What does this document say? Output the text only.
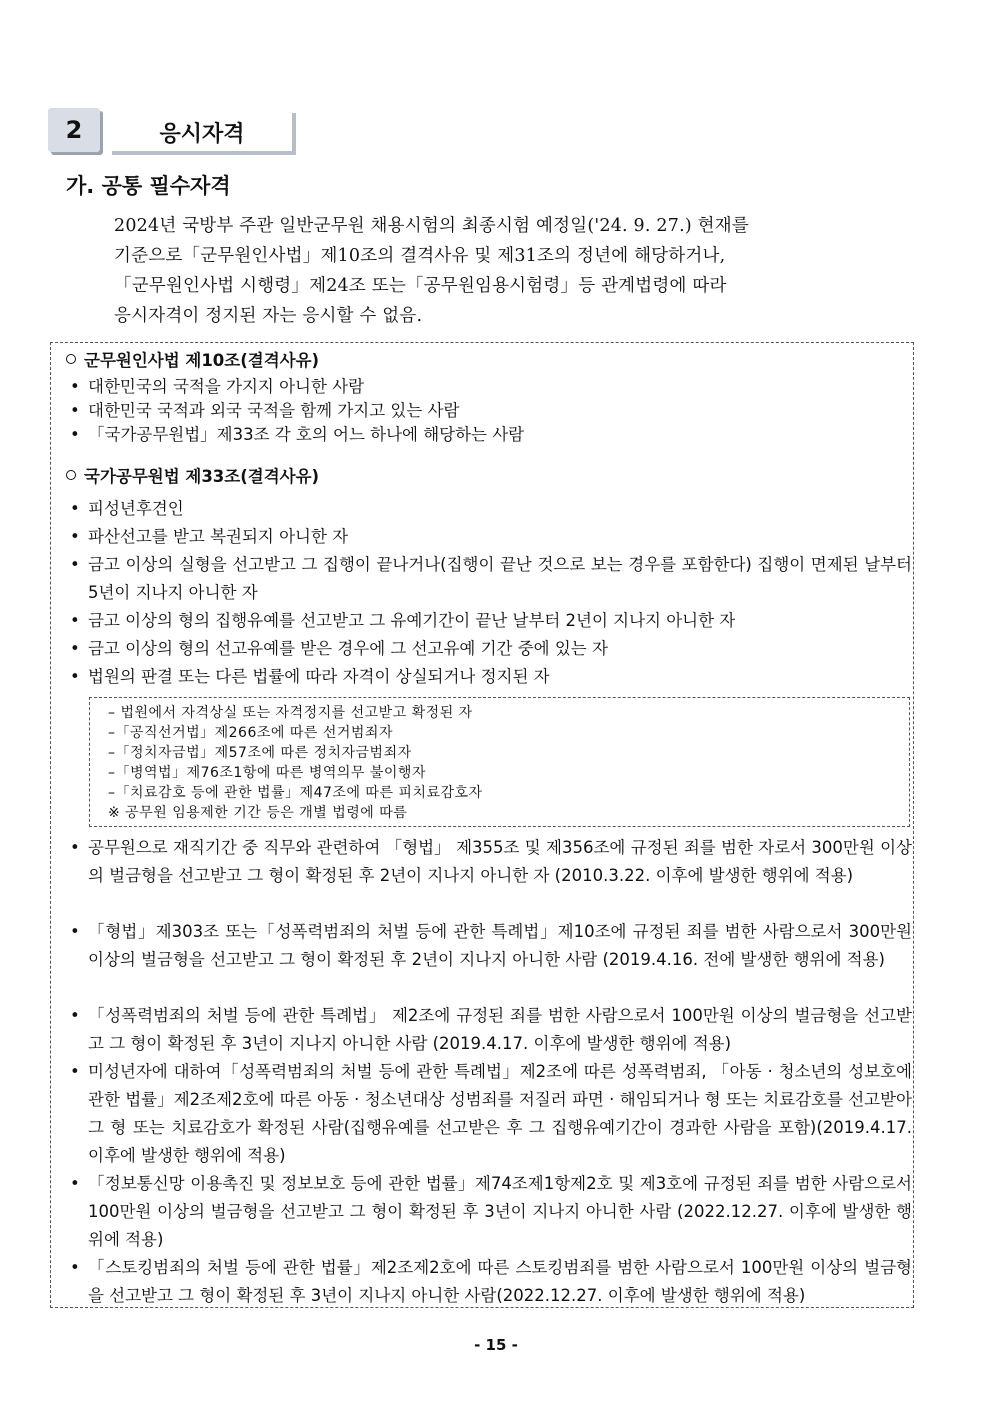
2	응시자격
가. 공통 필수자격
2024년 국방부 주관 일반군무원 채용시험의 최종시험 예정일('24. 9. 27.) 현재를
기준으로「군무원인사법」제10조의 결격사유 및 제31조의 정년에 해당하거나,
「군무원인사법 시행령」제24조 또는「공무원임용시험령」등 관계법령에 따라
응시자격이 정지된 자는 응시할 수 없음.
군무원인사법 제10조(결격사유)
• 대한민국의 국적을 가지지 아니한 사람
• 대한민국 국적과 외국 국적을 함께 가지고 있는 사람
• 「국가공무원법」제33조 각 호의 어느 하나에 해당하는 사람
국가공무원법 제33조(결격사유)
• 피성년후견인
• 파산선고를 받고 복권되지 아니한 자
• 금고 이상의 실형을 선고받고 그 집행이 끝나거나(집행이 끝난 것으로 보는 경우를 포함한다) 집행이 면제된 날부터 5년이 지나지 아니한 자
• 금고 이상의 형의 집행유예를 선고받고 그 유예기간이 끝난 날부터 2년이 지나지 아니한 자
• 금고 이상의 형의 선고유예를 받은 경우에 그 선고유예 기간 중에 있는 자
• 법원의 판결 또는 다른 법률에 따라 자격이 상실되거나 정지된 자
– 법원에서 자격상실 또는 자격정지를 선고받고 확정된 자
–「공직선거법」제266조에 따른 선거범죄자
–「정치자금법」제57조에 따른 정치자금범죄자
–「병역법」제76조1항에 따른 병역의무 불이행자
–「치료감호 등에 관한 법률」제47조에 따른 피치료감호자
※ 공무원 임용제한 기간 등은 개별 법령에 따름
• 공무원으로 재직기간 중 직무와 관련하여 「형법」 제355조 및 제356조에 규정된 죄를 범한 자로서 300만원 이상의 벌금형을 선고받고 그 형이 확정된 후 2년이 지나지 아니한 자 (2010.3.22. 이후에 발생한 행위에 적용)
• 「형법」제303조 또는「성폭력범죄의 처벌 등에 관한 특례법」제10조에 규정된 죄를 범한 사람으로서 300만원 이상의 벌금형을 선고받고 그 형이 확정된 후 2년이 지나지 아니한 사람 (2019.4.16. 전에 발생한 행위에 적용)
• 「성폭력범죄의 처벌 등에 관한 특례법」 제2조에 규정된 죄를 범한 사람으로서 100만원 이상의 벌금형을 선고받고 그 형이 확정된 후 3년이 지나지 아니한 사람 (2019.4.17. 이후에 발생한 행위에 적용)
• 미성년자에 대하여「성폭력범죄의 처벌 등에 관한 특례법」제2조에 따른 성폭력범죄, 「아동 · 청소년의 성보호에 관한 법률」제2조제2호에 따른 아동 · 청소년대상 성범죄를 저질러 파면 · 해임되거나 형 또는 치료감호를 선고받아 그 형 또는 치료감호가 확정된 사람(집행유예를 선고받은 후 그 집행유예기간이 경과한 사람을 포함)(2019.4.17. 이후에 발생한 행위에 적용)
• 「정보통신망 이용촉진 및 정보보호 등에 관한 법률」제74조제1항제2호 및 제3호에 규정된 죄를 범한 사람으로서 100만원 이상의 벌금형을 선고받고 그 형이 확정된 후 3년이 지나지 아니한 사람 (2022.12.27. 이후에 발생한 행위에 적용)
• 「스토킹범죄의 처벌 등에 관한 법률」제2조제2호에 따른 스토킹범죄를 범한 사람으로서 100만원 이상의 벌금형을 선고받고 그 형이 확정된 후 3년이 지나지 아니한 사람(2022.12.27. 이후에 발생한 행위에 적용)
- 15 -
